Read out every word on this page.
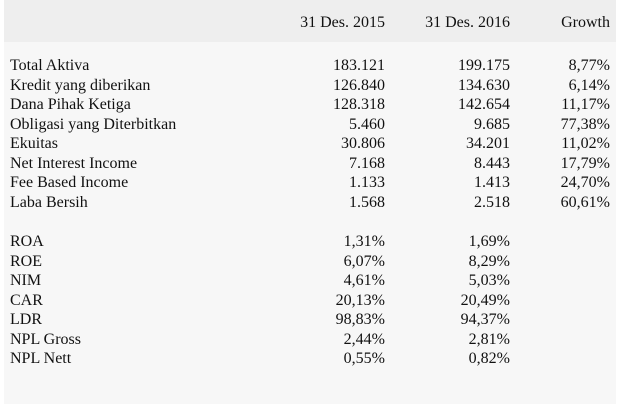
	31 Des. 2015	31 Des. 2016	Growth

Total Aktiva	183.121	199.175	8,77%
Kredit yang diberikan	126.840	134.630	6,14%
Dana Pihak Ketiga	128.318	142.654	11,17%
Obligasi yang Diterbitkan	5.460	9.685	77,38%
Ekuitas	30.806	34.201	11,02%
Net Interest Income	7.168	8.443	17,79%
Fee Based Income	1.133	1.413	24,70%
Laba Bersih	1.568	2.518	60,61%

ROA	1,31%	1,69%	
ROE	6,07%	8,29%	
NIM	4,61%	5,03%	
CAR	20,13%	20,49%	
LDR	98,83%	94,37%	
NPL Gross	2,44%	2,81%	
NPL Nett	0,55%	0,82%	
